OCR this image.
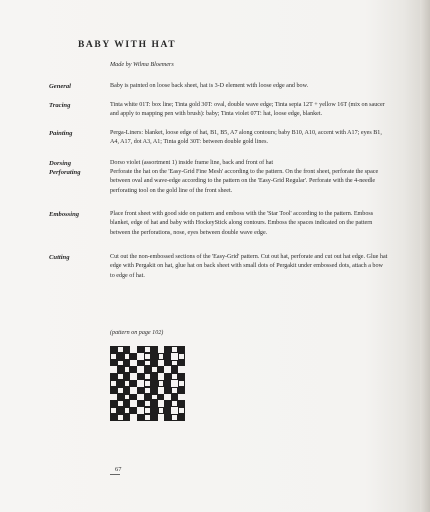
BABY WITH HAT
Made by Wilma Bloemers
General	Baby is painted on loose back sheet, hat is 3-D element with loose edge and bow.
Tracing	Tinta white 01T: box line; Tinta gold 30T: oval, double wave edge; Tinta sepia 12T + yellow 16T (mix on saucer and apply to mapping pen with brush): baby; Tinta violet 07T: hat, loose edge, blanket.
Painting	Perga-Liners: blanket, loose edge of hat, B1, B5, A7 along contours; baby B10, A10, accent with A17; eyes B1, A4, A17, dot A3, A1; Tinta gold 30T: between double gold lines.
Dorsing	Dorso violet (assortment 1) inside frame line, back and front of hat
Perforating	Perforate the hat on the 'Easy-Grid Fine Mesh' according to the pattern. On the front sheet, perforate the space between oval and wave-edge according to the pattern on the 'Easy-Grid Regular'. Perforate with the 4-needle perforating tool on the gold line of the front sheet.
Embossing	Place front sheet with good side on pattern and emboss with the 'Star Tool' according to the pattern. Emboss blanket, edge of hat and baby with HockeyStick along contours. Emboss the spaces indicated on the pattern between the perforations, nose, eyes between double wave edge.
Cutting	Cut out the non-embossed sections of the 'Easy-Grid' pattern. Cut out hat, perforate and cut out hat edge. Glue hat edge with Pergakit on hat, glue hat on back sheet with small dots of Pergakit under embossed dots, attach a bow to edge of hat.
(pattern on page 102)
67
